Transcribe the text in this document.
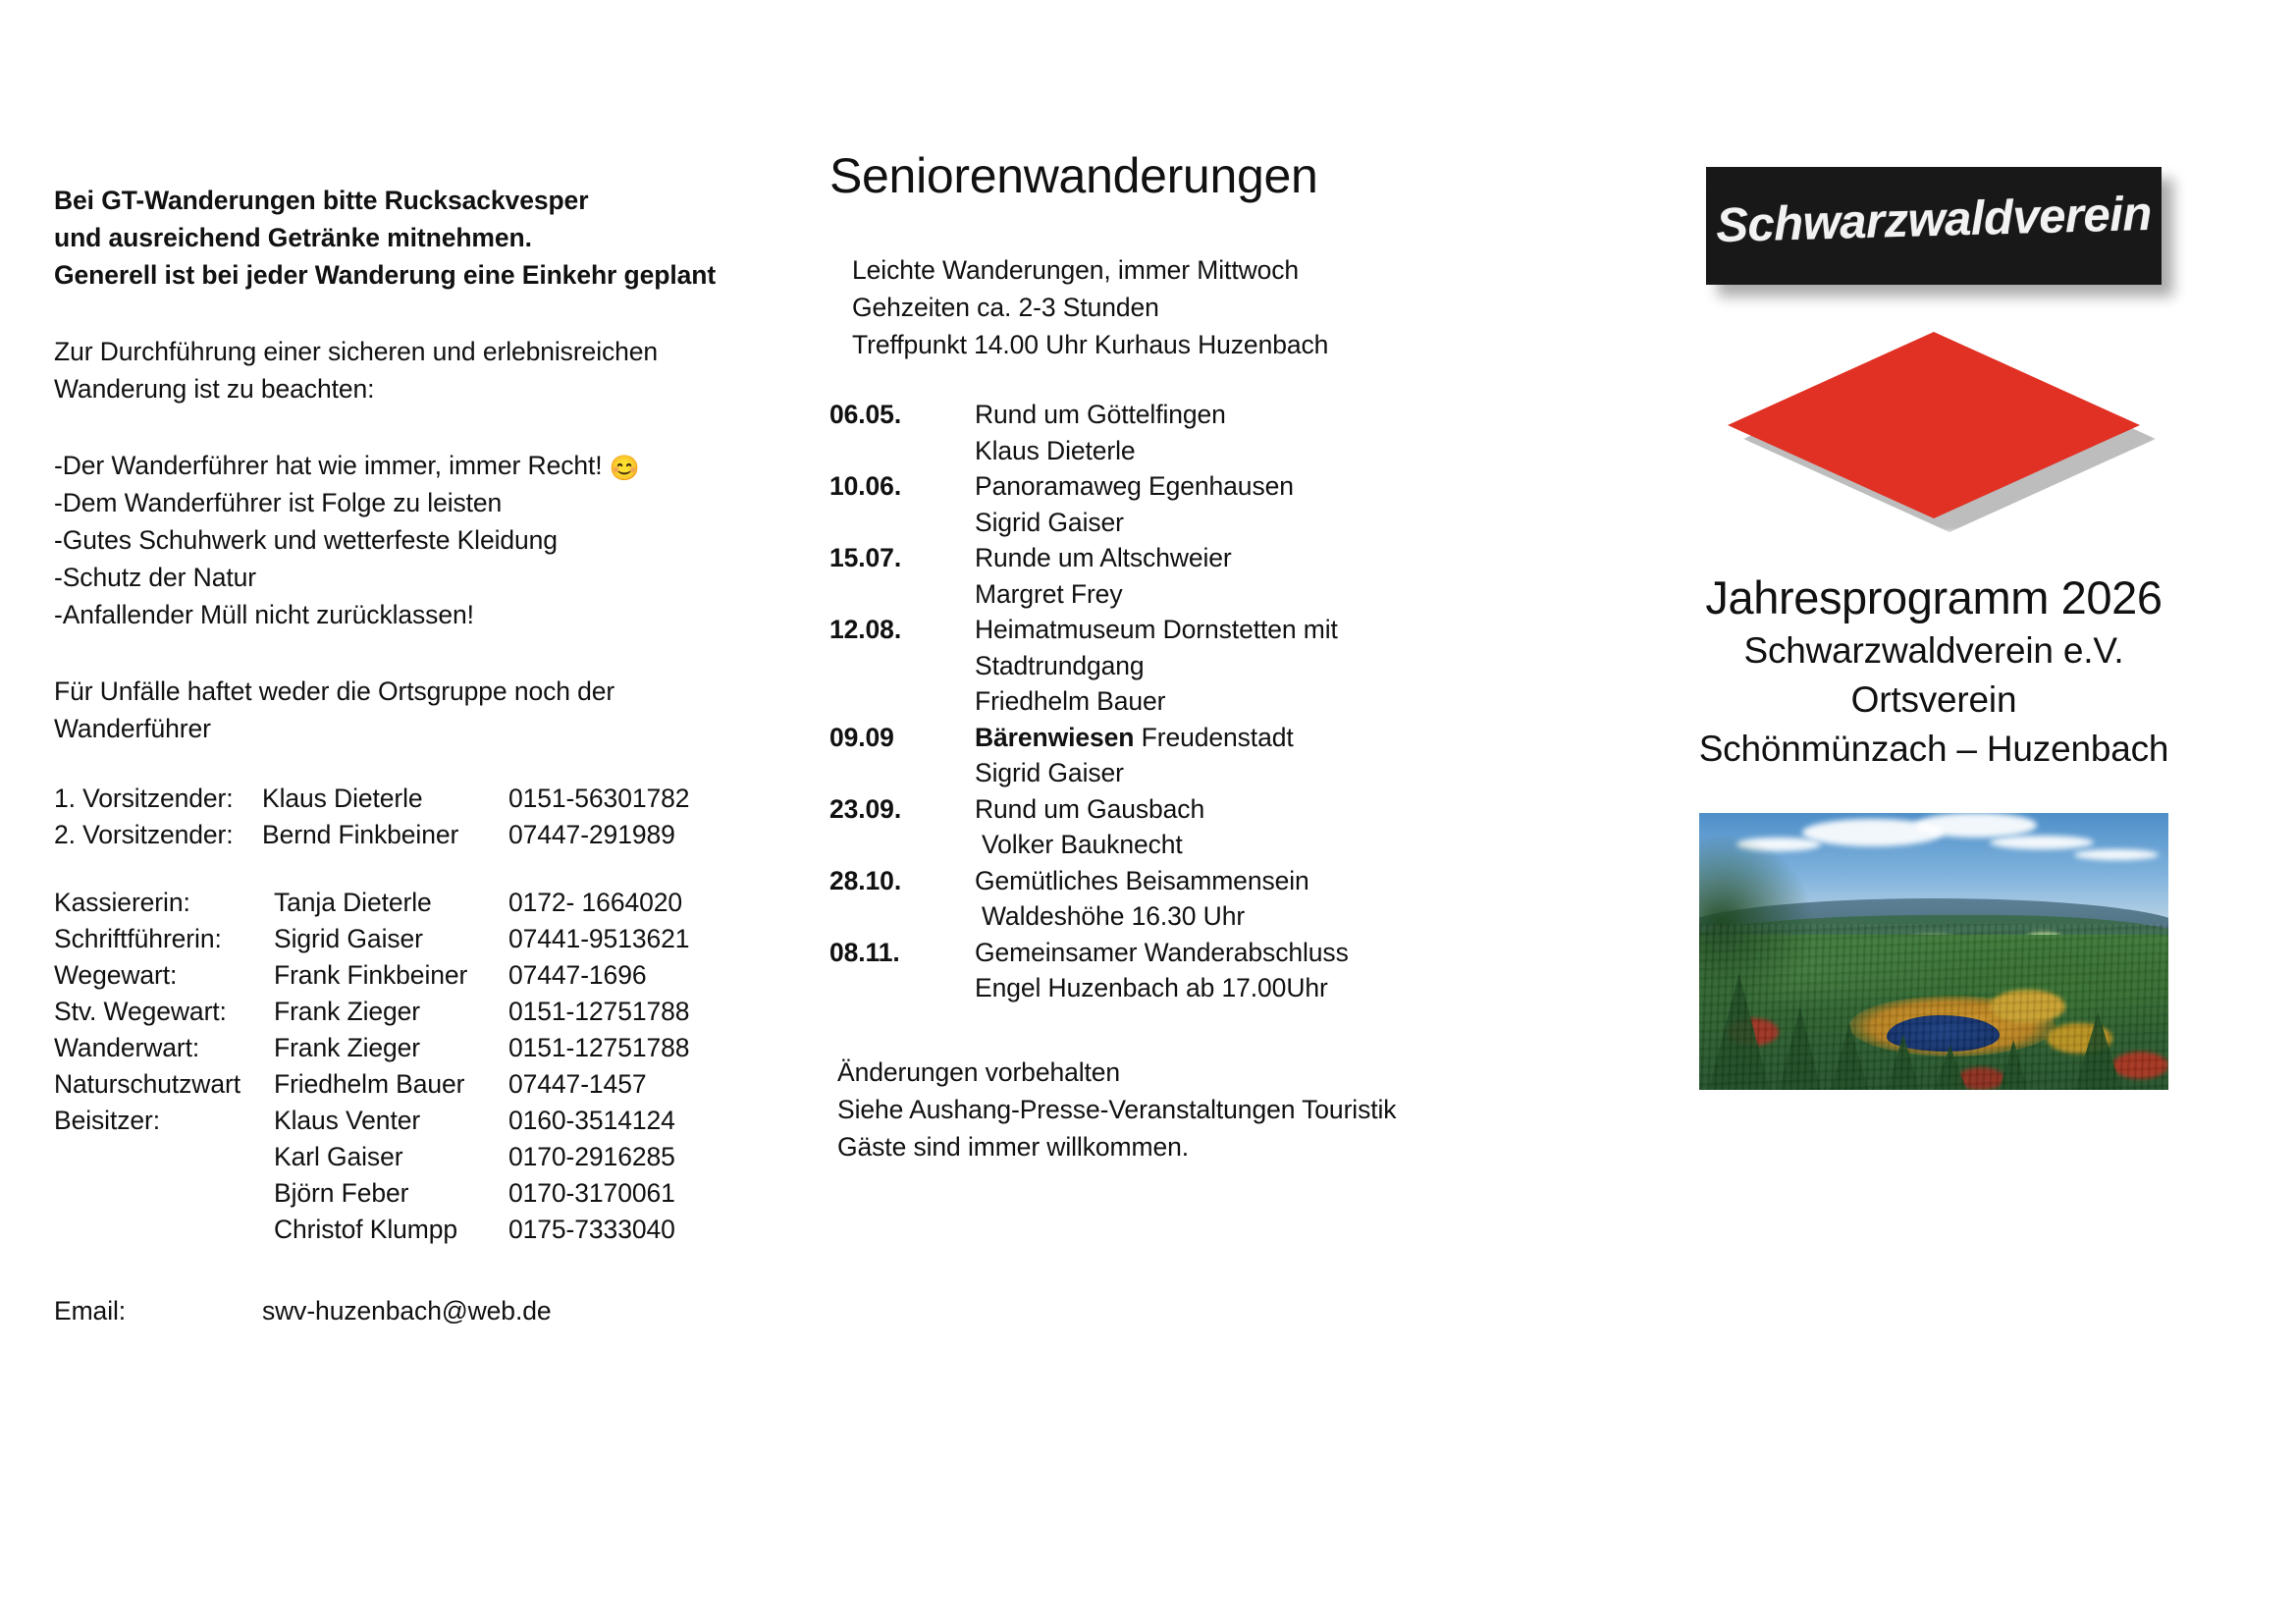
Bei GT-Wanderungen bitte Rucksackvesper
und ausreichend Getränke mitnehmen.
Generell ist bei jeder Wanderung eine Einkehr geplant
Zur Durchführung einer sicheren und erlebnisreichen
Wanderung ist zu beachten:
-Der Wanderführer hat wie immer, immer Recht! 😊
-Dem Wanderführer ist Folge zu leisten
-Gutes Schuhwerk und wetterfeste Kleidung
-Schutz der Natur
-Anfallender Müll nicht zurücklassen!
Für Unfälle haftet weder die Ortsgruppe noch der
Wanderführer
1. Vorsitzender:	Klaus Dieterle	0151-56301782
2. Vorsitzender:	Bernd Finkbeiner	07447-291989

Kassiererin:	Tanja Dieterle	0172- 1664020
Schriftführerin:	Sigrid Gaiser	07441-9513621
Wegewart:	Frank Finkbeiner	07447-1696
Stv. Wegewart:	Frank Zieger	0151-12751788
Wanderwart:	Frank Zieger	0151-12751788
Naturschutzwart	Friedhelm Bauer	07447-1457
Beisitzer:	Klaus Venter	0160-3514124
	Karl Gaiser	0170-2916285
	Björn Feber	0170-3170061
	Christof Klumpp	0175-7333040
Email:	swv-huzenbach@web.de
Seniorenwanderungen
Leichte Wanderungen, immer Mittwoch
Gehzeiten ca. 2-3 Stunden
Treffpunkt 14.00 Uhr Kurhaus Huzenbach
06.05.	Rund um Göttelfingen
	Klaus Dieterle
10.06.	Panoramaweg Egenhausen
	Sigrid Gaiser
15.07.	Runde um Altschweier
	Margret Frey
12.08.	Heimatmuseum Dornstetten mit
	Stadtrundgang
	Friedhelm Bauer
09.09	Bärenwiesen Freudenstadt
	Sigrid Gaiser
23.09.	Rund um Gausbach
	Volker Bauknecht
28.10.	Gemütliches Beisammensein
	Waldeshöhe 16.30 Uhr
08.11.	Gemeinsamer Wanderabschluss
	Engel Huzenbach ab 17.00Uhr
Änderungen vorbehalten
Siehe Aushang-Presse-Veranstaltungen Touristik
Gäste sind immer willkommen.
Schwarzwaldverein
Jahresprogramm 2026
Schwarzwaldverein e.V.
Ortsverein
Schönmünzach – Huzenbach
